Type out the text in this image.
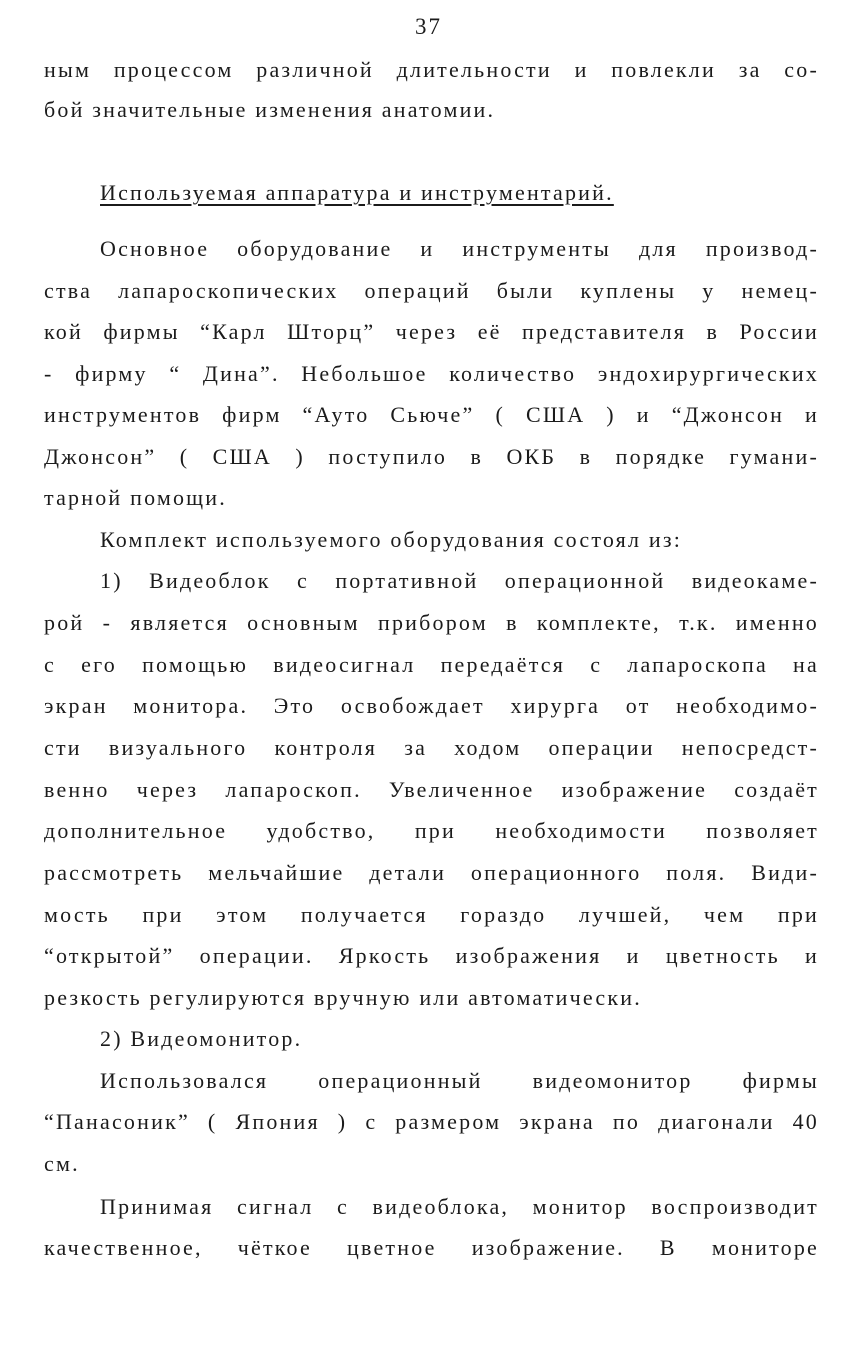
37
ным процессом различной длительности и повлекли за со-
бой значительные изменения анатомии.
Используемая аппаратура и инструментарий.
Основное оборудование и инструменты для производ-
ства лапароскопических операций были куплены у немец-
кой фирмы “Карл Шторц” через её представителя в России
- фирму “ Дина”. Небольшое количество эндохирургических
инструментов фирм “Ауто Сьюче” ( США ) и “Джонсон и
Джонсон” ( США ) поступило в ОКБ в порядке гумани-
тарной помощи.
Комплект используемого оборудования состоял из:
1) Видеоблок с портативной операционной видеокаме-
рой - является основным прибором в комплекте, т.к. именно
с его помощью видеосигнал передаётся с лапароскопа на
экран монитора. Это освобождает хирурга от необходимо-
сти визуального контроля за ходом операции непосредст-
венно через лапароскоп. Увеличенное изображение создаёт
дополнительное удобство, при необходимости позволяет
рассмотреть мельчайшие детали операционного поля. Види-
мость при этом получается гораздо лучшей, чем при
“открытой” операции. Яркость изображения и цветность и
резкость регулируются вручную или автоматически.
2) Видеомонитор.
Использовался операционный видеомонитор фирмы
“Панасоник” ( Япония ) с размером экрана по диагонали 40
см.
Принимая сигнал с видеоблока, монитор воспроизводит
качественное, чёткое цветное изображение. В мониторе
